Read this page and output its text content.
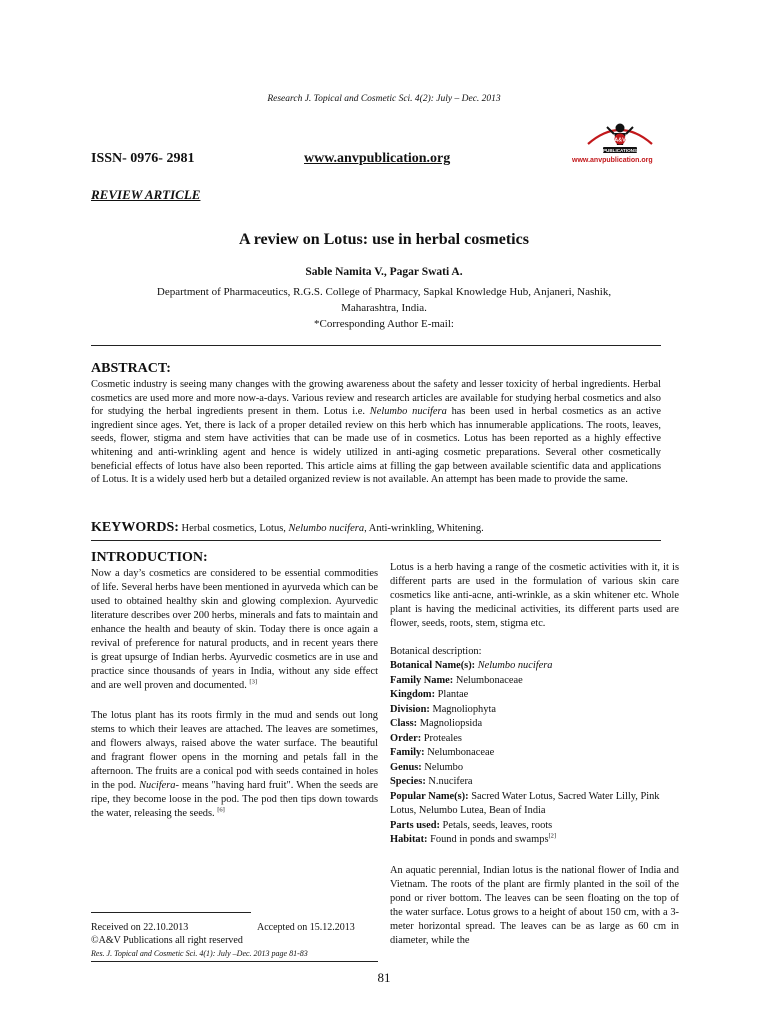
Research J. Topical and Cosmetic Sci. 4(2): July – Dec. 2013
A&V
PUBLICATIONS
www.anvpublication.org
ISSN- 0976- 2981	www.anvpublication.org
REVIEW ARTICLE
A review on Lotus: use in herbal cosmetics
Sable Namita V., Pagar Swati A.
Department of Pharmaceutics, R.G.S. College of Pharmacy, Sapkal Knowledge Hub, Anjaneri, Nashik,
Maharashtra, India.
*Corresponding Author E-mail:
ABSTRACT:
Cosmetic industry is seeing many changes with the growing awareness about the safety and lesser toxicity of herbal ingredients. Herbal cosmetics are used more and more now-a-days. Various review and research articles are available for studying herbal cosmetics and also for studying the herbal ingredients present in them. Lotus i.e. Nelumbo nucifera has been used in herbal cosmetics as an active ingredient since ages. Yet, there is lack of a proper detailed review on this herb which has innumerable applications. The roots, leaves, seeds, flower, stigma and stem have activities that can be made use of in cosmetics. Lotus has been reported as a highly effective whitening and anti-wrinkling agent and hence is widely utilized in anti-aging cosmetic preparations. Several other cosmetically beneficial effects of lotus have also been reported. This article aims at filling the gap between available scientific data and applications of Lotus. It is a widely used herb but a detailed organized review is not available. An attempt has been made to provide the same.
KEYWORDS: Herbal cosmetics, Lotus, Nelumbo nucifera, Anti-wrinkling, Whitening.
INTRODUCTION:

Now a day’s cosmetics are considered to be essential commodities of life. Several herbs have been mentioned in ayurveda which can be used to obtained healthy skin and glowing complexion. Ayurvedic literature describes over 200 herbs, minerals and fats to maintain and enhance the health and beauty of skin. Today there is once again a revival of preference for natural products, and in recent years there is great upsurge of Indian herbs. Ayurvedic cosmetics are in use and practice since thousands of years in India, without any side effect and are well proven and documented. [3]

The lotus plant has its roots firmly in the mud and sends out long stems to which their leaves are attached. The leaves are sometimes, and flowers always, raised above the water surface. The beautiful and fragrant flower opens in the morning and petals fall in the afternoon. The fruits are a conical pod with seeds contained in holes in the pod. Nucifera- means "having hard fruit". When the seeds are ripe, they become loose in the pod. The pod then tips down towards the water, releasing the seeds. [6]

Lotus is a herb having a range of the cosmetic activities with it, it is different parts are used in the formulation of various skin care cosmetics like anti-acne, anti-wrinkle, as a skin whitener etc. Whole plant is having the medicinal activities, its different parts used are flower, seeds, roots, stem, stigma etc.

Botanical description:

Botanical Name(s): Nelumbo nucifera
Family Name: Nelumbonaceae
Kingdom: Plantae
Division: Magnoliophyta
Class: Magnoliopsida
Order: Proteales
Family: Nelumbonaceae
Genus: Nelumbo
Species: N.nucifera
Popular Name(s): Sacred Water Lotus, Sacred Water Lilly, Pink Lotus, Nelumbo Lutea, Bean of India
Parts used: Petals, seeds, leaves, roots
Habitat: Found in ponds and swamps[2]

An aquatic perennial, Indian lotus is the national flower of India and Vietnam. The roots of the plant are firmly planted in the soil of the pond or river bottom. The leaves can be seen floating on the top of the water surface. Lotus grows to a height of about 150 cm, with a 3-meter horizontal spread. The leaves can be as large as 60 cm in diameter, while the

Received on 22.10.2013	Accepted on 15.12.2013
©A&V Publications all right reserved
Res. J. Topical and Cosmetic Sci. 4(1): July –Dec. 2013 page 81-83
81
